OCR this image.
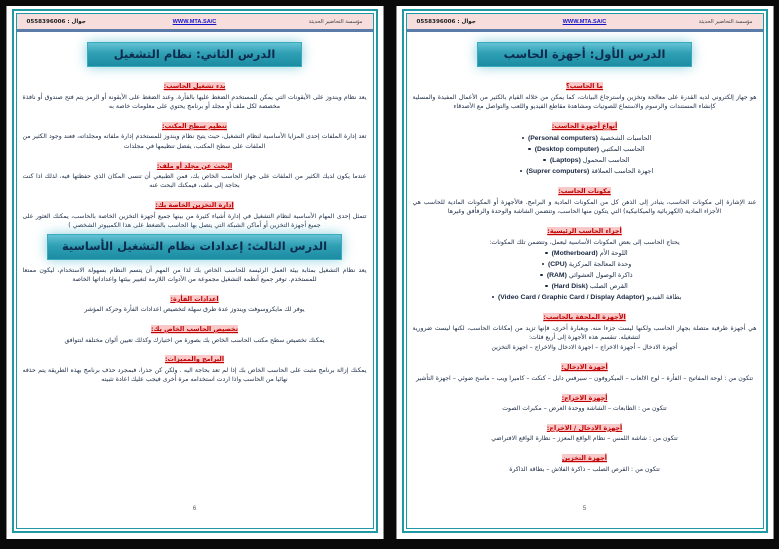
مؤسسة التحاضير الحديثة
WWW.MTA.SA/C
جوال : 0558396006
الدرس الأول: أجهزة الحاسب
ما الحاسب؟

هو جهاز إلكتروني لديه القدرة على معالجة وتخزين واسترجاع البيانات، كما يمكن من خلاله القيام بالكثير من الأعمال المفيدة والمسلية كإنشاء المستندات والرسوم والاستماع للصوتيات ومشاهدة مقاطع الفيديو واللعب والتواصل مع الأصدقاء

أنواع أجهزة الحاسب:
الحاسبات الشخصية (Personal computers)
الحاسب المكتبي (Desktop computer)
الحاسب المحمول (Laptops)
اجهزة الحاسب العملاقة (Suprer computers)
مكونات الحاسب:

عند الإشارة إلى مكونات الحاسب، يتبادر إلى الذهن كل من المكونات المادية و البرامج. فالأجهزة أو المكونات المادية للحاسب هي الأجزاء المادية (الكهربائية والميكانيكية) التي يتكون منها الحاسب، وتتضمن الشاشة والوحدة والرفأفق وغيرها

أجزاء الحاسب الرئيسية:

يحتاج الحاسب إلى بعض المكونات الأساسية ليعمل، وتتضمن تلك المكونات:

اللوحة الأم (Motherboard)
وحدة المعالجة المركزية (CPU)
ذاكرة الوصول العشوائي (RAM)
القرص الصلب (Hard Disk)
بطاقة الفيديو (Video Card / Graphic Card / Display Adaptor)
الأجهزة الملحقة بالحاسب:

هي أجهزة طرفية متصلة بجهاز الحاسب ولكنها ليست جزءا منه. وبعبارة أخرى، فإنها تزيد من إمكانات الحاسب، لكنها ليست ضرورية لتشغيله. تنقسم هذه الأجهزة إلى أربع فئات:

أجهزة الادخال – أجهزة الاخراج – اجهزة الادخال والاخراج – اجهزة التخزين

أجهزة الادخال:

تتكون من : لوحة المفاتيح – الفأرة – لوح الالعاب – الميكروفون – سيرفس دايل – كنكت – كاميرا ويب – ماسح ضوئي – اجهزة التأشير

أجهزة الاخراج:

تتكون من : الطابعات – الشاشة ووحدة العرض – مكبرات الصوت

أجهزة الادخال / الاخراج:

تتكون من : شاشة اللمس – نظام الواقع المعزز – نظارة الواقع الافتراضي

أجهزة التخزين

تتكون من : القرص الصلب – ذاكرة الفلاش – بطاقة الذاكرة

5
مؤسسة التحاضير الحديثة
WWW.MTA.SA/C
جوال : 0558396006
الدرس الثاني: نظام التشغيل
بدء تشغيل الحاسب:

يعد نظام ويندوز على الأيقونات التي يمكن للمستخدم الضغط عليها بالفأرة. وعند الضغط على الأيقونة أو الرمز يتم فتح صندوق أو نافذة مخصصة لكل ملف أو مجلد أو برنامج يحتوي على معلومات خاصة به

تنظيم سطح المكتب:

تعد إدارة الملفات إحدى المزايا الأساسية لنظام التشغيل، حيث يتيح نظام ويندوز للمستخدم إدارة ملفاته ومجلداته، فعند وجود الكثير من الملفات على سطح المكتب، يفضل تنظيمها في مجلدات

البحث عن مجلد أو ملف:

عندما يكون لديك الكثير من الملفات على جهاز الحاسب الخاص بك، فمن الطبيعي أن تنسى المكان الذي حفظتها فيه، لذلك اذا كنت بحاجة إلى ملف، فيمكنك البحث عنه

إدارة التخزين الخاصة بك:

تتمثل إحدى المهام الأساسية لنظام التشغيل في إدارة أشياء كثيرة من بينها جميع أجهزة التخزين الخاصة بالحاسب، يمكنك العثور على جميع أجهزة التخزين أو أماكن الشبكة التي يتصل بها الحاسب بالضغط على هذا الكمبيوتر الشخصي )

الدرس الثالث: إعدادات نظام التشغيل الأساسية

يعد نظام التشغيل بمثابة بيئة العمل الرئيسة للحاسب الخاص بك لذا من المهم أن يتسم النظام بسهولة الاستخدام، ليكون ممتعا للمستخدم. توفر جميع أنظمة التشغيل مجموعة من الأدوات اللازمة لتغيير بيئتها واعداداتها الخاصة

اعدادات الفأرة:

يوفر لك مايكروسوفت ويندوز عدة طرق سهلة لتخصيص اعدادات الفأرة وحركة المؤشر

تخصيص الحاسب الخاص بك:

يمكنك تخصيص سطح مكتب الحاسب الخاص بك بصورة من اختيارك وكذلك تعيين ألوان مختلفة لتتوافق

البرامج والمميزات:

يمكنك إزالة برنامج مثبت على الحاسب الخاص بك إذا لم تعد بحاجة اليه . ولكن كن حذرا، فبمجرد حذف برنامج بهذه الطريقة يتم حذفه نهائيا من الحاسب واذا اردت استخدامه مرة أخرى فيجب عليك اعادة تثبيته

6
